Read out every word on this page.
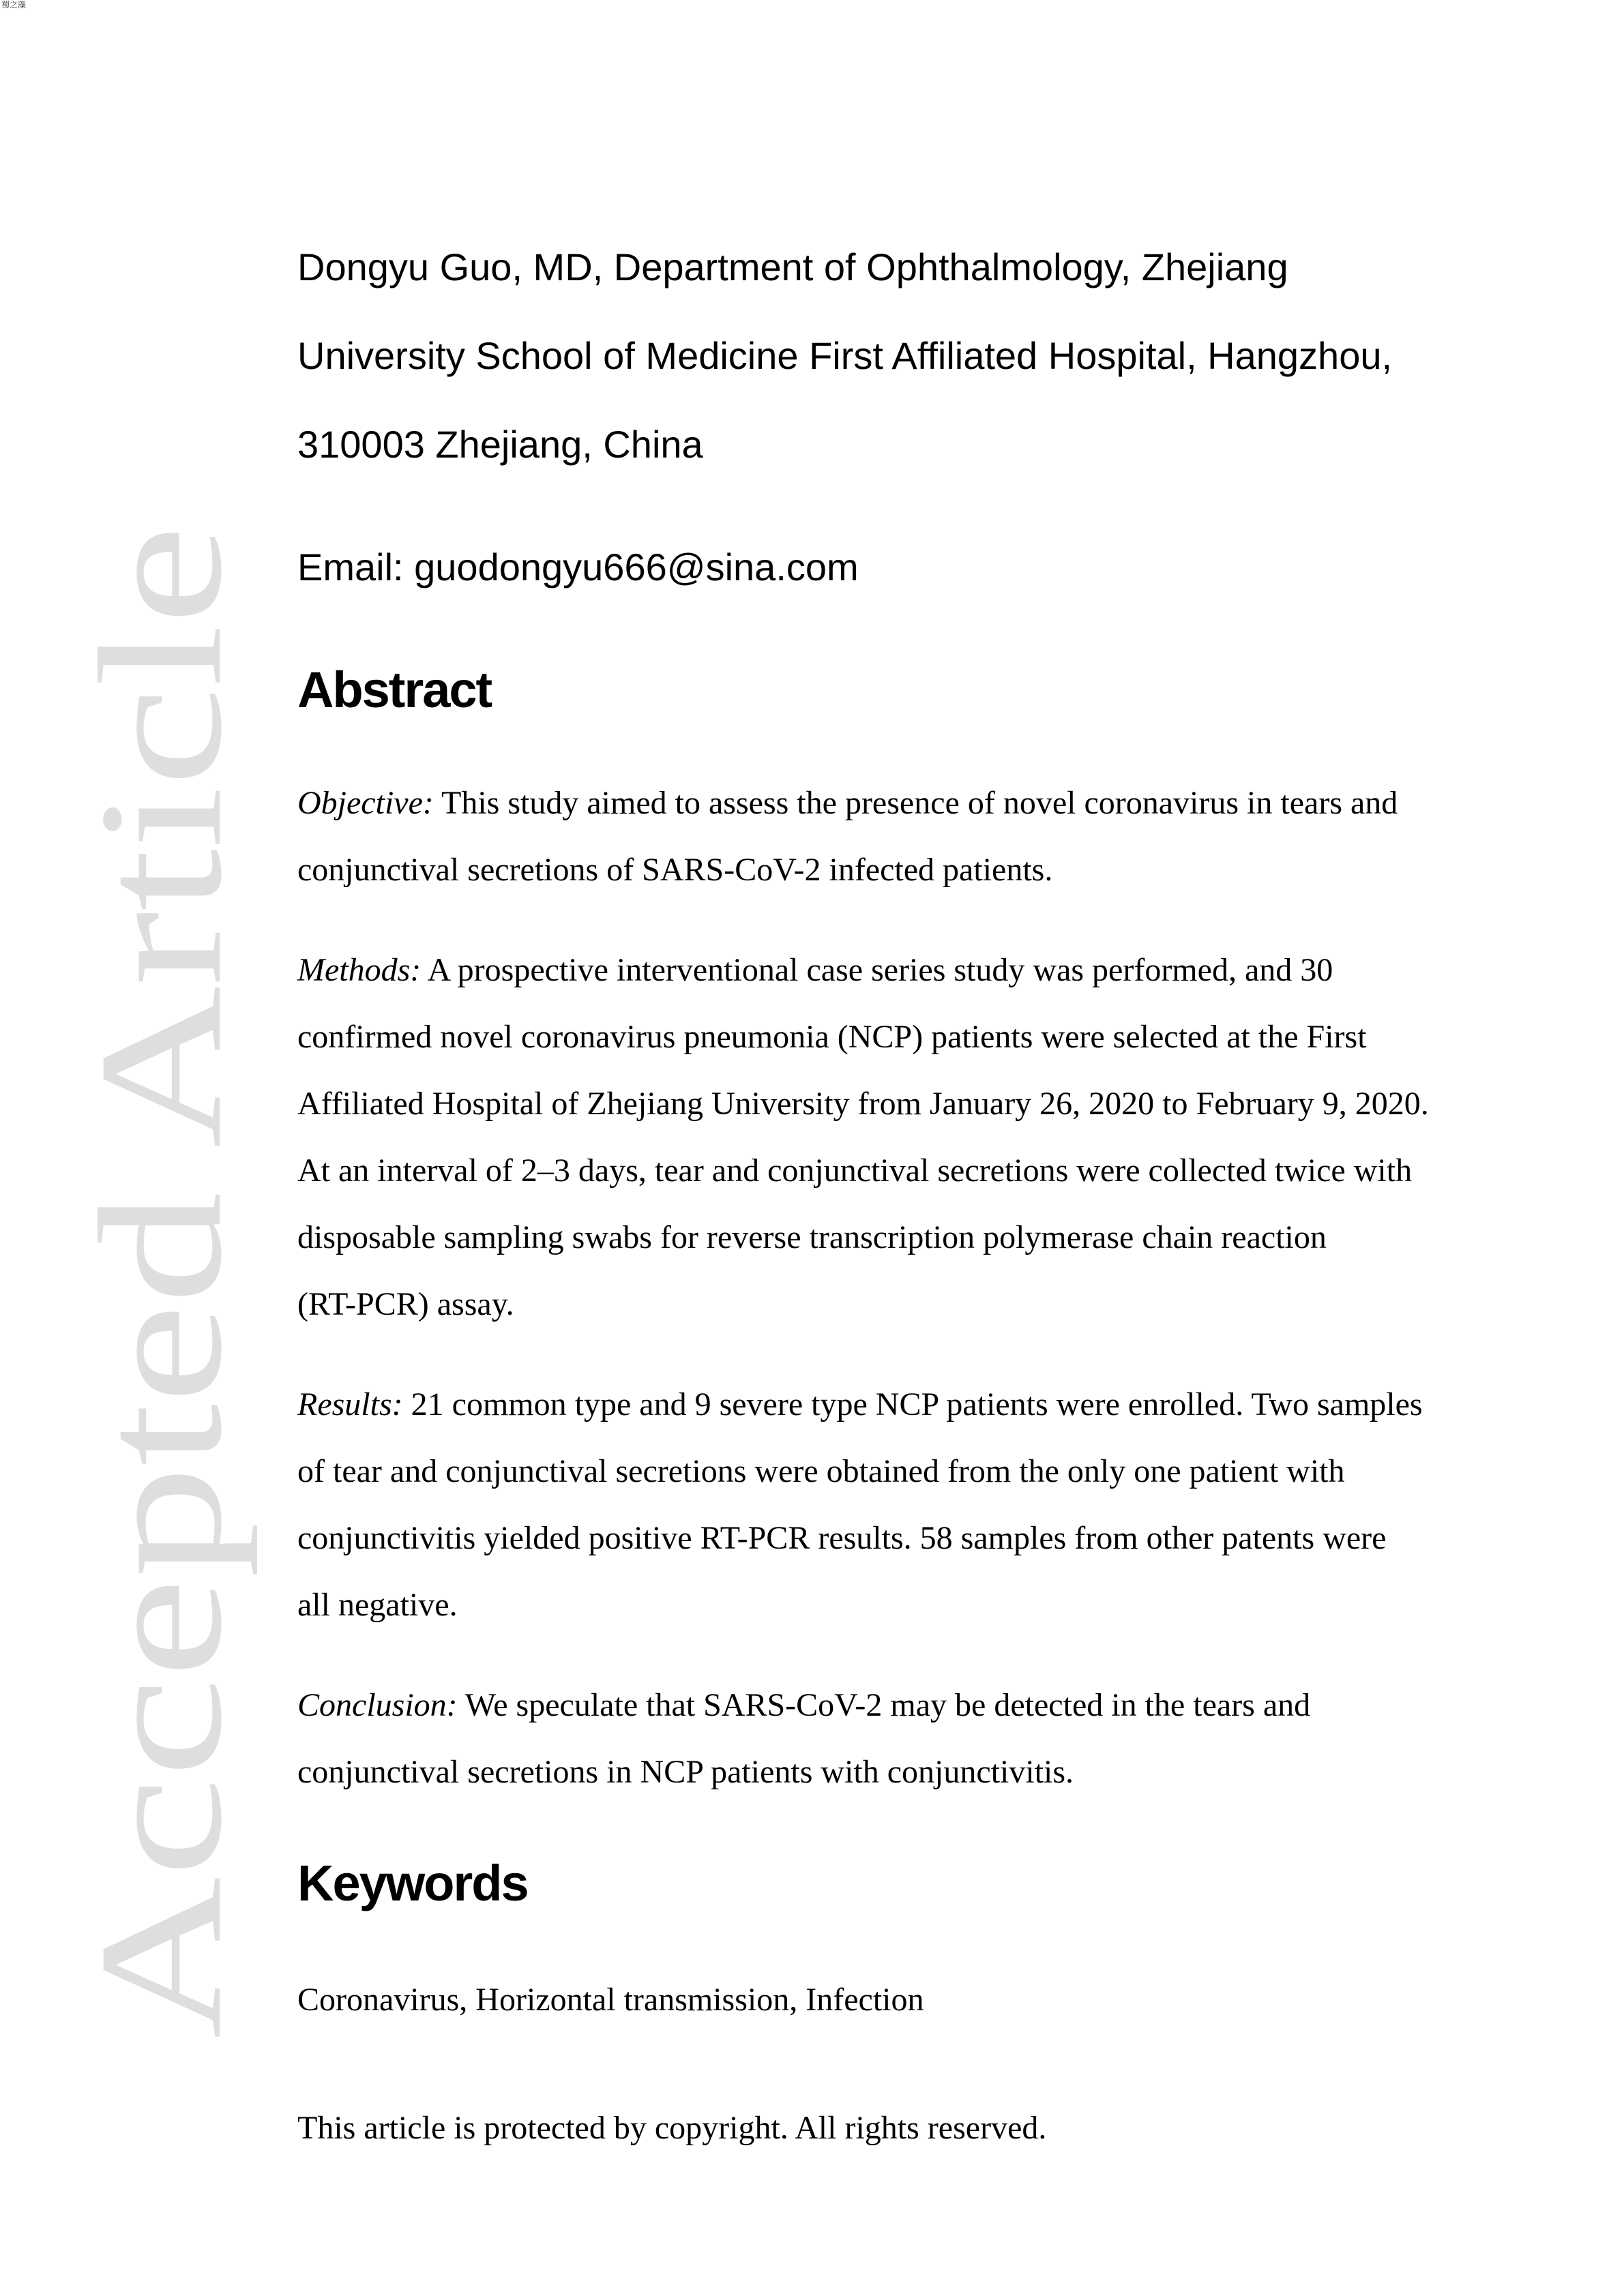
蜀之藻
Accepted Article

Dongyu Guo, MD, Department of Ophthalmology, Zhejiang

University School of Medicine First Affiliated Hospital, Hangzhou,

310003 Zhejiang, China

Email: guodongyu666@sina.com

Abstract

Objective: This study aimed to assess the presence of novel coronavirus in tears and

conjunctival secretions of SARS-CoV-2 infected patients.

Methods: A prospective interventional case series study was performed, and 30

confirmed novel coronavirus pneumonia (NCP) patients were selected at the First

Affiliated Hospital of Zhejiang University from January 26, 2020 to February 9, 2020.

At an interval of 2–3 days, tear and conjunctival secretions were collected twice with

disposable sampling swabs for reverse transcription polymerase chain reaction

(RT-PCR) assay.

Results: 21 common type and 9 severe type NCP patients were enrolled. Two samples

of tear and conjunctival secretions were obtained from the only one patient with

conjunctivitis yielded positive RT-PCR results. 58 samples from other patents were

all negative.

Conclusion: We speculate that SARS-CoV-2 may be detected in the tears and

conjunctival secretions in NCP patients with conjunctivitis.

Keywords

Coronavirus, Horizontal transmission, Infection

This article is protected by copyright. All rights reserved.
